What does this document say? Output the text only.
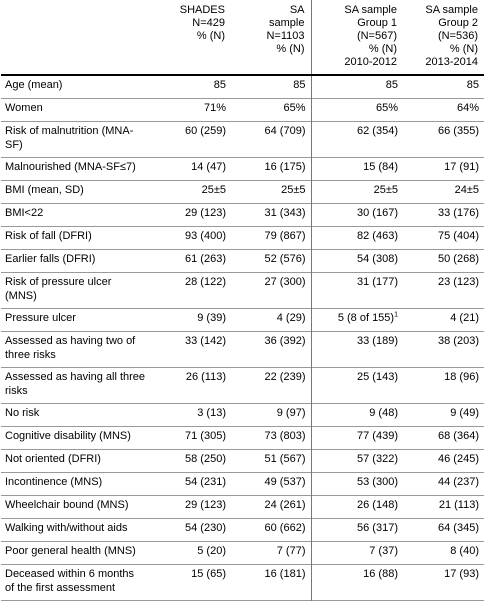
	SHADES
N=429
% (N)	SA
sample
N=1103
% (N)	SA sample
Group 1
(N=567)
% (N)
2010-2012	SA sample
Group 2
(N=536)
% (N)
2013-2014

Age (mean)	85	85	85	85
Women	71%	65%	65%	64%
Risk of malnutrition (MNA-SF)	60 (259)	64 (709)	62 (354)	66 (355)
Malnourished (MNA-SF≤7)	14 (47)	16 (175)	15 (84)	17 (91)
BMI (mean, SD)	25±5	25±5	25±5	24±5
BMI<22	29 (123)	31 (343)	30 (167)	33 (176)
Risk of fall (DFRI)	93 (400)	79 (867)	82 (463)	75 (404)
Earlier falls (DFRI)	61 (263)	52 (576)	54 (308)	50 (268)
Risk of pressure ulcer (MNS)	28 (122)	27 (300)	31 (177)	23 (123)
Pressure ulcer	9 (39)	4 (29)	5 (8 of 155)$^1$	4 (21)
Assessed as having two of three risks	33 (142)	36 (392)	33 (189)	38 (203)
Assessed as having all three risks	26 (113)	22 (239)	25 (143)	18 (96)
No risk	3 (13)	9 (97)	9 (48)	9 (49)
Cognitive disability (MNS)	71 (305)	73 (803)	77 (439)	68 (364)
Not oriented (DFRI)	58 (250)	51 (567)	57 (322)	46 (245)
Incontinence (MNS)	54 (231)	49 (537)	53 (300)	44 (237)
Wheelchair bound (MNS)	29 (123)	24 (261)	26 (148)	21 (113)
Walking with/without aids	54 (230)	60 (662)	56 (317)	64 (345)
Poor general health (MNS)	5 (20)	7 (77)	7 (37)	8 (40)
Deceased within 6 months of the first assessment	15 (65)	16 (181)	16 (88)	17 (93)
